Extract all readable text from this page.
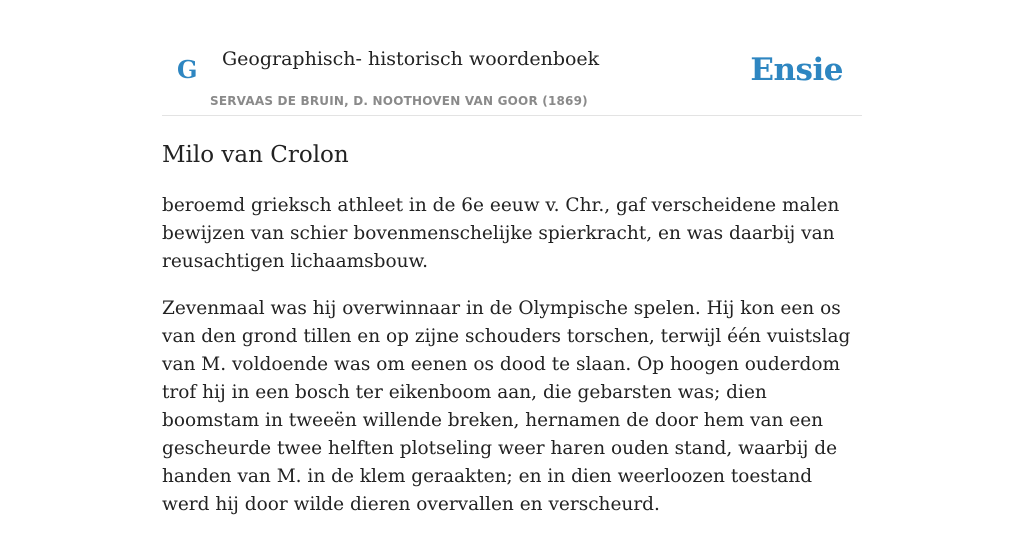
G Geographisch- historisch woordenboek
SERVAAS DE BRUIN, D. NOOTHOVEN VAN GOOR (1869)
Ensie
Milo van Crolon

beroemd grieksch athleet in de 6e eeuw v. Chr., gaf verscheidene malen bewijzen van schier bovenmenschelijke spierkracht, en was daarbij van reusachtigen lichaamsbouw.

Zevenmaal was hij overwinnaar in de Olympische spelen. Hij kon een os van den grond tillen en op zijne schouders torschen, terwijl één vuistslag van M. voldoende was om eenen os dood te slaan. Op hoogen ouderdom trof hij in een bosch ter eikenboom aan, die gebarsten was; dien boomstam in tweeën willende breken, hernamen de door hem van een gescheurde twee helften plotseling weer haren ouden stand, waarbij de handen van M. in de klem geraakten; en in dien weerloozen toestand werd hij door wilde dieren overvallen en verscheurd.
